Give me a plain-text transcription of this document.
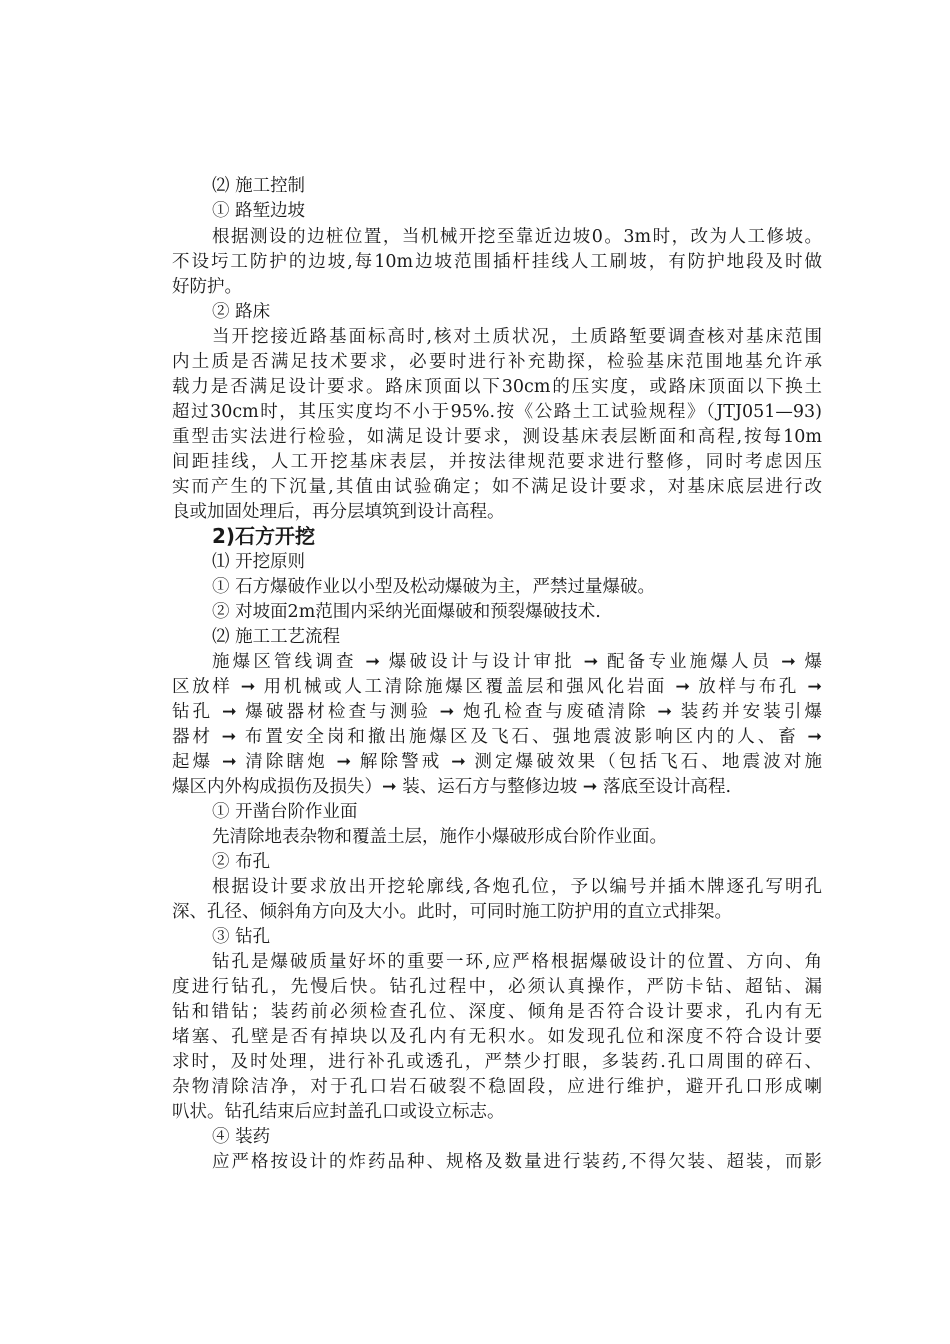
⑵ 施工控制
① 路堑边坡
根据测设的边桩位置，当机械开挖至靠近边坡0。3m时，改为人工修坡。
不设圬工防护的边坡,每10m边坡范围插杆挂线人工刷坡，有防护地段及时做
好防护。
② 路床
当开挖接近路基面标高时,核对土质状况，土质路堑要调查核对基床范围
内土质是否满足技术要求，必要时进行补充勘探，检验基床范围地基允许承
载力是否满足设计要求。路床顶面以下30cm的压实度，或路床顶面以下换土
超过30cm时，其压实度均不小于95%.按《公路土工试验规程》（JTJ051—93)
重型击实法进行检验，如满足设计要求，测设基床表层断面和高程,按每10m
间距挂线，人工开挖基床表层，并按法律规范要求进行整修，同时考虑因压
实而产生的下沉量,其值由试验确定；如不满足设计要求，对基床底层进行改
良或加固处理后，再分层填筑到设计高程。
2)石方开挖
⑴ 开挖原则
① 石方爆破作业以小型及松动爆破为主，严禁过量爆破。
② 对坡面2m范围内采纳光面爆破和预裂爆破技术.
⑵ 施工工艺流程
施爆区管线调查 ➞ 爆破设计与设计审批 ➞ 配备专业施爆人员 ➞ 爆
区放样 ➞ 用机械或人工清除施爆区覆盖层和强风化岩面 ➞ 放样与布孔 ➞
钻孔 ➞ 爆破器材检查与测验 ➞ 炮孔检查与废碴清除 ➞ 装药并安装引爆
器材 ➞ 布置安全岗和撤出施爆区及飞石、强地震波影响区内的人、畜 ➞
起爆 ➞ 清除瞎炮 ➞ 解除警戒 ➞ 测定爆破效果（包括飞石、地震波对施
爆区内外构成损伤及损失）➞ 装、运石方与整修边坡 ➞ 落底至设计高程.
① 开凿台阶作业面
先清除地表杂物和覆盖土层，施作小爆破形成台阶作业面。
② 布孔
根据设计要求放出开挖轮廓线,各炮孔位，予以编号并插木牌逐孔写明孔
深、孔径、倾斜角方向及大小。此时，可同时施工防护用的直立式排架。
③ 钻孔
钻孔是爆破质量好坏的重要一环,应严格根据爆破设计的位置、方向、角
度进行钻孔，先慢后快。钻孔过程中，必须认真操作，严防卡钻、超钻、漏
钻和错钻；装药前必须检查孔位、深度、倾角是否符合设计要求，孔内有无
堵塞、孔壁是否有掉块以及孔内有无积水。如发现孔位和深度不符合设计要
求时，及时处理，进行补孔或透孔，严禁少打眼，多装药.孔口周围的碎石、
杂物清除洁净，对于孔口岩石破裂不稳固段，应进行维护，避开孔口形成喇
叭状。钻孔结束后应封盖孔口或设立标志。
④ 装药
应严格按设计的炸药品种、规格及数量进行装药,不得欠装、超装，而影
